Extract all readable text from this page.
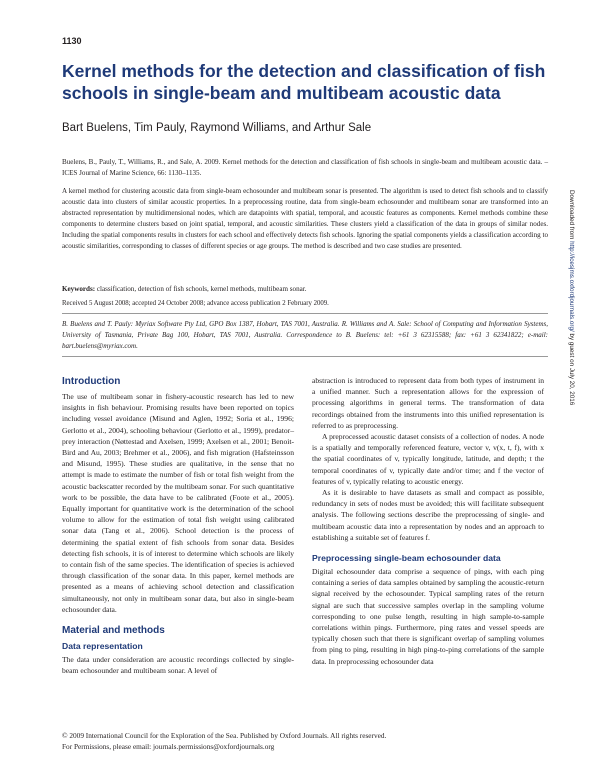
1130
Kernel methods for the detection and classification of fish schools in single-beam and multibeam acoustic data
Bart Buelens, Tim Pauly, Raymond Williams, and Arthur Sale
Buelens, B., Pauly, T., Williams, R., and Sale, A. 2009. Kernel methods for the detection and classification of fish schools in single-beam and multibeam acoustic data. – ICES Journal of Marine Science, 66: 1130–1135.
A kernel method for clustering acoustic data from single-beam echosounder and multibeam sonar is presented. The algorithm is used to detect fish schools and to classify acoustic data into clusters of similar acoustic properties. In a preprocessing routine, data from single-beam echosounder and multibeam sonar are transformed into an abstracted representation by multidimensional nodes, which are datapoints with spatial, temporal, and acoustic features as components. Kernel methods combine these components to determine clusters based on joint spatial, temporal, and acoustic similarities. These clusters yield a classification of the data in groups of similar nodes. Including the spatial components results in clusters for each school and effectively detects fish schools. Ignoring the spatial components yields a classification according to acoustic similarities, corresponding to classes of different species or age groups. The method is described and two case studies are presented.
Keywords: classification, detection of fish schools, kernel methods, multibeam sonar.
Received 5 August 2008; accepted 24 October 2008; advance access publication 2 February 2009.
B. Buelens and T. Pauly: Myriax Software Pty Ltd, GPO Box 1387, Hobart, TAS 7001, Australia. R. Williams and A. Sale: School of Computing and Information Systems, University of Tasmania, Private Bag 100, Hobart, TAS 7001, Australia. Correspondence to B. Buelens: tel: +61 3 62315588; fax: +61 3 62341822; e-mail: bart.buelens@myriax.com.
Introduction

The use of multibeam sonar in fishery-acoustic research has led to new insights in fish behaviour. Promising results have been reported on topics including vessel avoidance (Misund and Aglen, 1992; Soria et al., 1996; Gerlotto et al., 2004), schooling behaviour (Gerlotto et al., 1999), predator–prey interaction (Nøttestad and Axelsen, 1999; Axelsen et al., 2001; Benoit-Bird and Au, 2003; Brehmer et al., 2006), and fish migration (Hafsteinsson and Misund, 1995). These studies are qualitative, in the sense that no attempt is made to estimate the number of fish or total fish weight from the acoustic backscatter recorded by the multibeam sonar. For such quantitative work to be possible, the data have to be calibrated (Foote et al., 2005). Equally important for quantitative work is the determination of the school volume to allow for the estimation of total fish weight using calibrated sonar data (Tang et al., 2006). School detection is the process of determining the spatial extent of fish schools from sonar data. Besides detecting fish schools, it is of interest to determine which schools are likely to contain fish of the same species. The identification of species is achieved through classification of the sonar data. In this paper, kernel methods are presented as a means of achieving school detection and classification simultaneously, not only in multibeam sonar data, but also in single-beam echosounder data.

Material and methods
Data representation

The data under consideration are acoustic recordings collected by single-beam echosounder and multibeam sonar. A level of

abstraction is introduced to represent data from both types of instrument in a unified manner. Such a representation allows for the expression of processing algorithms in general terms. The transformation of data recordings obtained from the instruments into this unified representation is referred to as preprocessing.

A preprocessed acoustic dataset consists of a collection of nodes. A node is a spatially and temporally referenced feature, vector v, v(x, t, f), with x the spatial coordinates of v, typically longitude, latitude, and depth; t the temporal coordinates of v, typically date and/or time; and f the vector of features of v, typically relating to acoustic energy.

As it is desirable to have datasets as small and compact as possible, redundancy in sets of nodes must be avoided; this will facilitate subsequent analysis. The following sections describe the preprocessing of single- and multibeam acoustic data into a representation by nodes and an approach to establishing a suitable set of features f.

Preprocessing single-beam echosounder data

Digital echosounder data comprise a sequence of pings, with each ping containing a series of data samples obtained by sampling the acoustic-return signal received by the echosounder. Typical sampling rates of the return signal are such that successive samples overlap in the sampling volume corresponding to one pulse length, resulting in high sample-to-sample correlations within pings. Furthermore, ping rates and vessel speeds are typically chosen such that there is significant overlap of sampling volumes from ping to ping, resulting in high ping-to-ping correlations of the sample data. In preprocessing echosounder data

© 2009 International Council for the Exploration of the Sea. Published by Oxford Journals. All rights reserved.
For Permissions, please email: journals.permissions@oxfordjournals.org
Downloaded from http://icesjms.oxfordjournals.org/ by guest on July 20, 2016
